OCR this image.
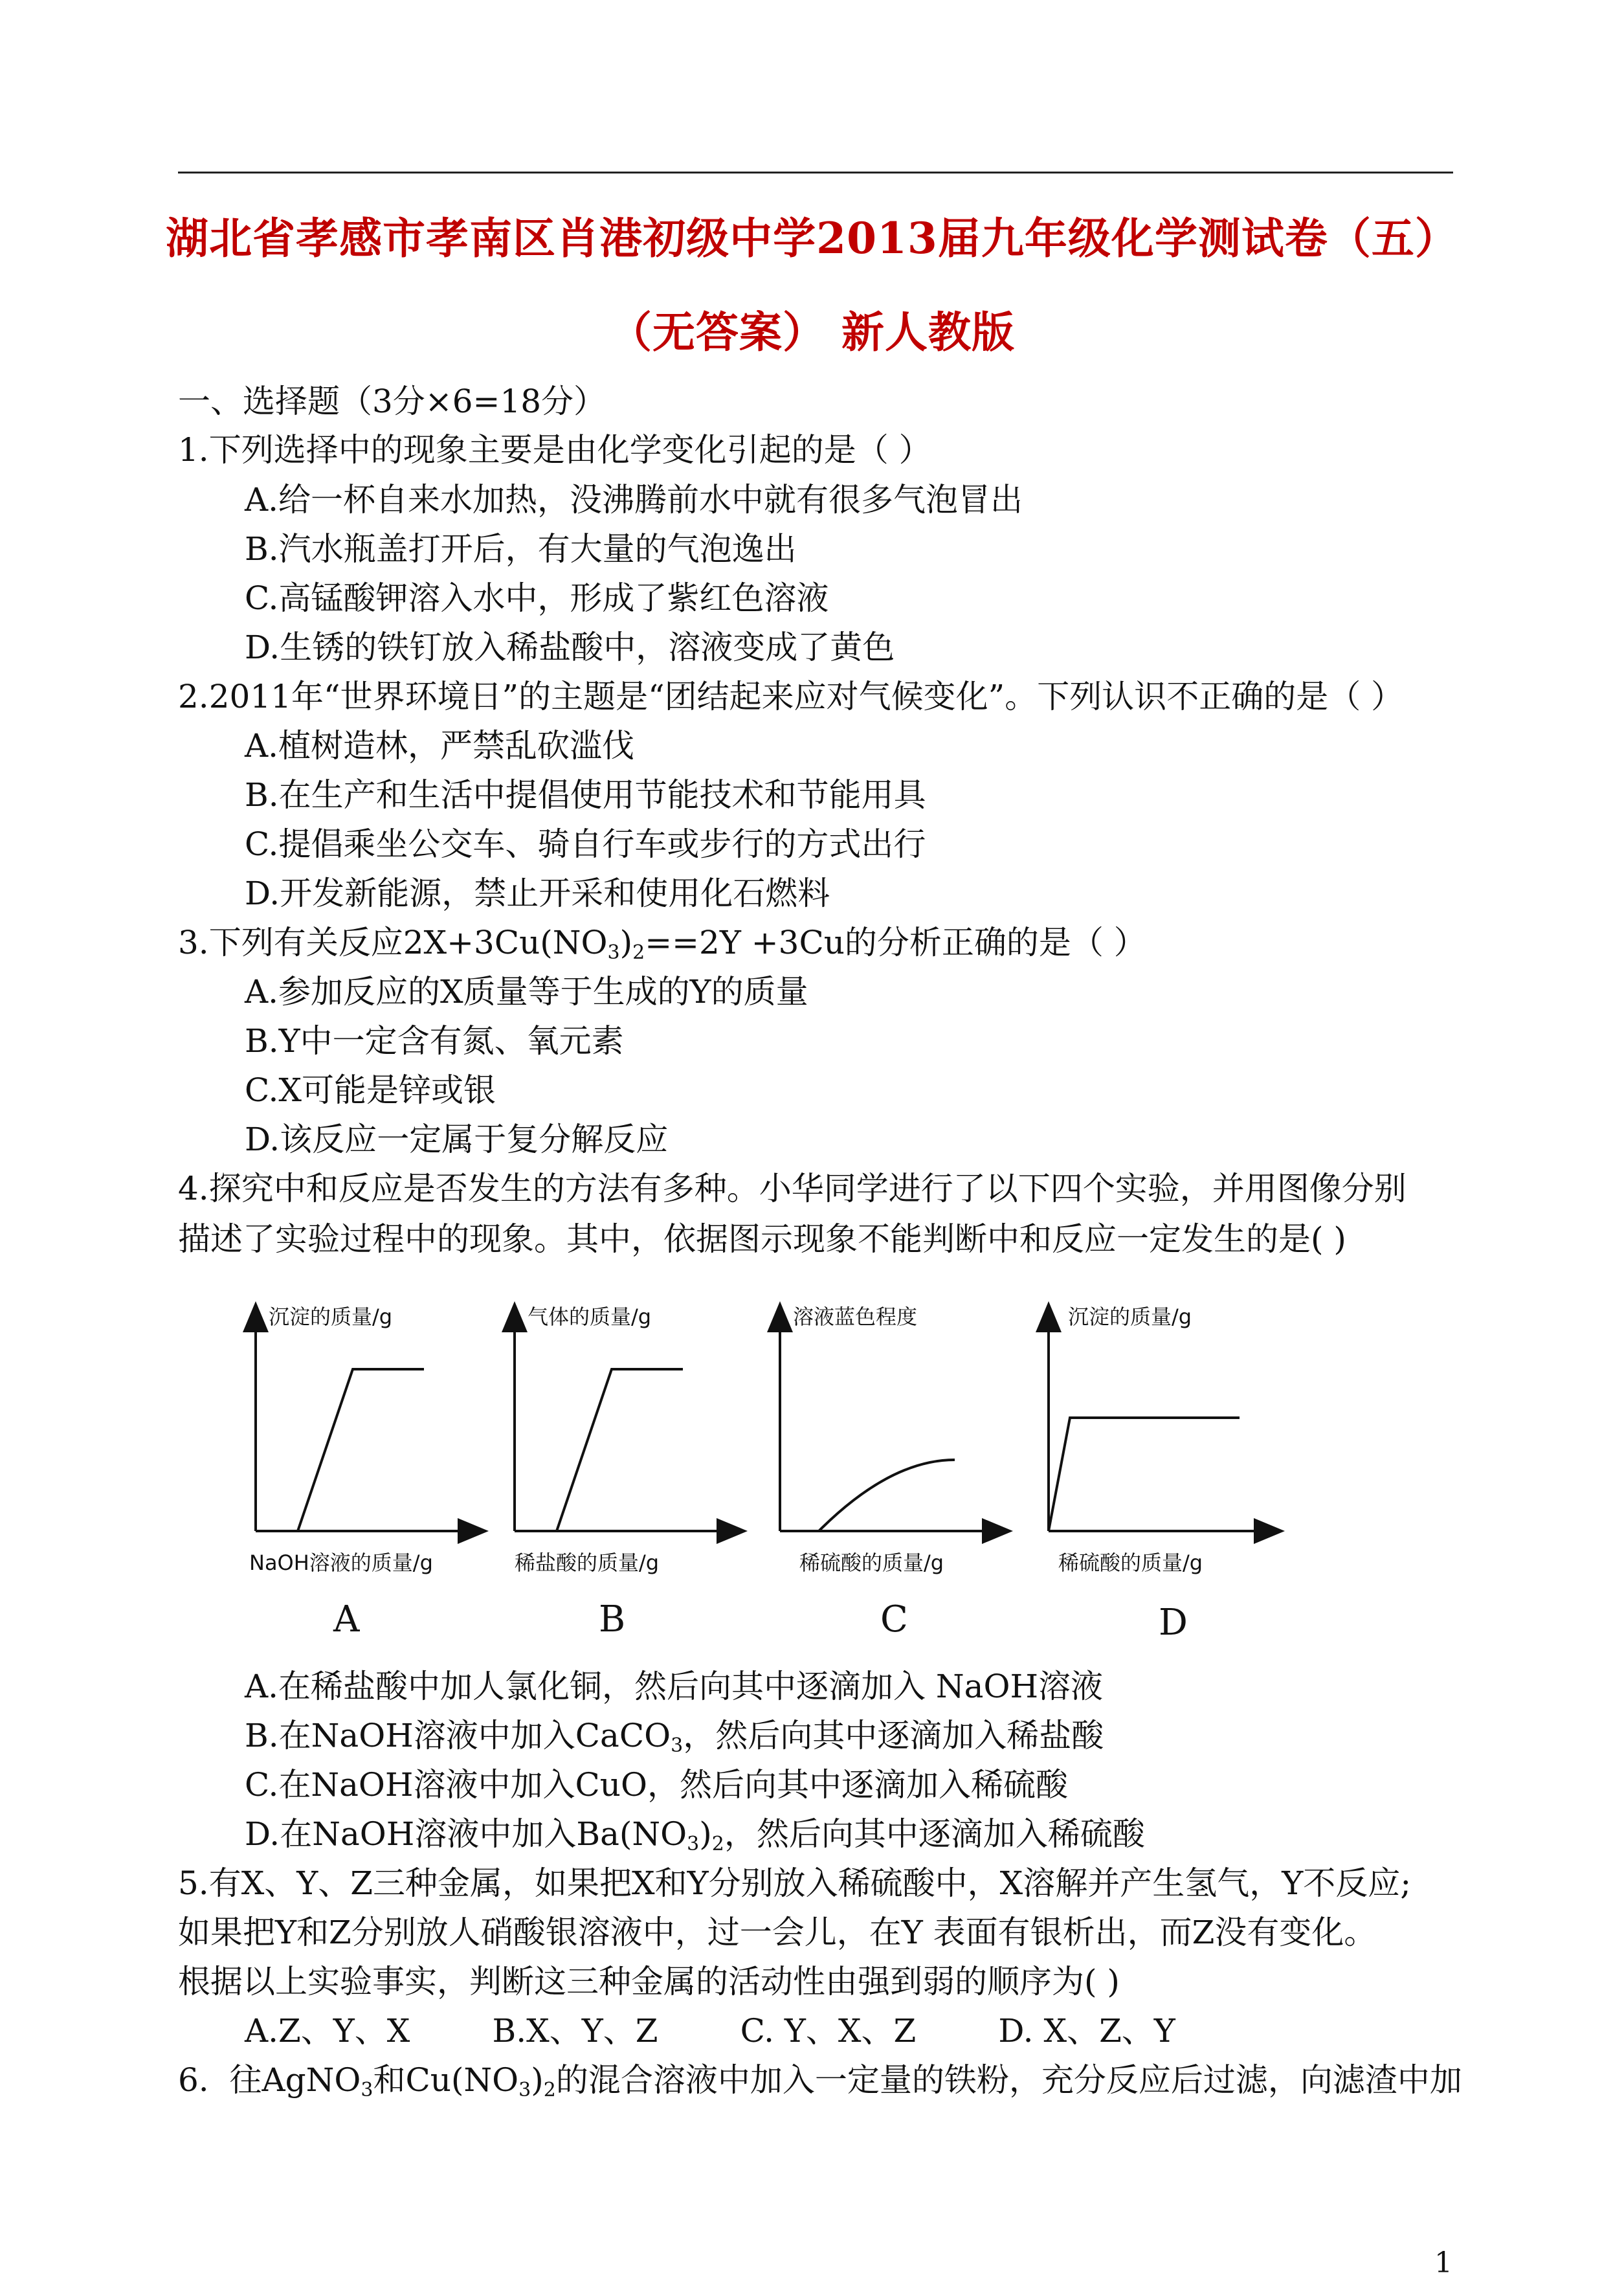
湖北省孝感市孝南区肖港初级中学2013届九年级化学测试卷（五）
（无答案） 新人教版
一、选择题（3分×6=18分）
1.下列选择中的现象主要是由化学变化引起的是（ ）
A.给一杯自来水加热，没沸腾前水中就有很多气泡冒出
B.汽水瓶盖打开后，有大量的气泡逸出
C.高锰酸钾溶入水中，形成了紫红色溶液
D.生锈的铁钉放入稀盐酸中，溶液变成了黄色
2.2011年“世界环境日”的主题是“团结起来应对气候变化”。下列认识不正确的是（ ）
A.植树造林，严禁乱砍滥伐
B.在生产和生活中提倡使用节能技术和节能用具
C.提倡乘坐公交车、骑自行车或步行的方式出行
D.开发新能源，禁止开采和使用化石燃料
3.下列有关反应$2X+3Cu(NO_3)_2==2Y +3Cu$的分析正确的是（ ）
A.参加反应的X质量等于生成的Y的质量
B.Y中一定含有氮、氧元素
C.X可能是锌或银
D.该反应一定属于复分解反应
4.探究中和反应是否发生的方法有多种。小华同学进行了以下四个实验，并用图像分别
描述了实验过程中的现象。其中，依据图示现象不能判断中和反应一定发生的是( )
沉淀的质量/g
NaOH溶液的质量/g
A
气体的质量/g
稀盐酸的质量/g
B
溶液蓝色程度
稀硫酸的质量/g
C
沉淀的质量/g
稀硫酸的质量/g
D
A.在稀盐酸中加人氯化铜，然后向其中逐滴加入 NaOH溶液
B.在NaOH溶液中加入CaCO$_3$，然后向其中逐滴加入稀盐酸
C.在NaOH溶液中加入CuO，然后向其中逐滴加入稀硫酸
D.在NaOH溶液中加入$Ba(NO_3)_2$，然后向其中逐滴加入稀硫酸
5.有X、Y、Z三种金属，如果把X和Y分别放入稀硫酸中，X溶解并产生氢气，Y不反应;
如果把Y和Z分别放人硝酸银溶液中，过一会儿，在Y 表面有银析出，而Z没有变化。
根据以上实验事实，判断这三种金属的活动性由强到弱的顺序为( )
A.Z、Y、X        B.X、Y、Z        C. Y、X、Z        D. X、Z、Y
6.  往AgNO$_3$和$Cu(NO_3)_2$的混合溶液中加入一定量的铁粉，充分反应后过滤，向滤渣中加
1
